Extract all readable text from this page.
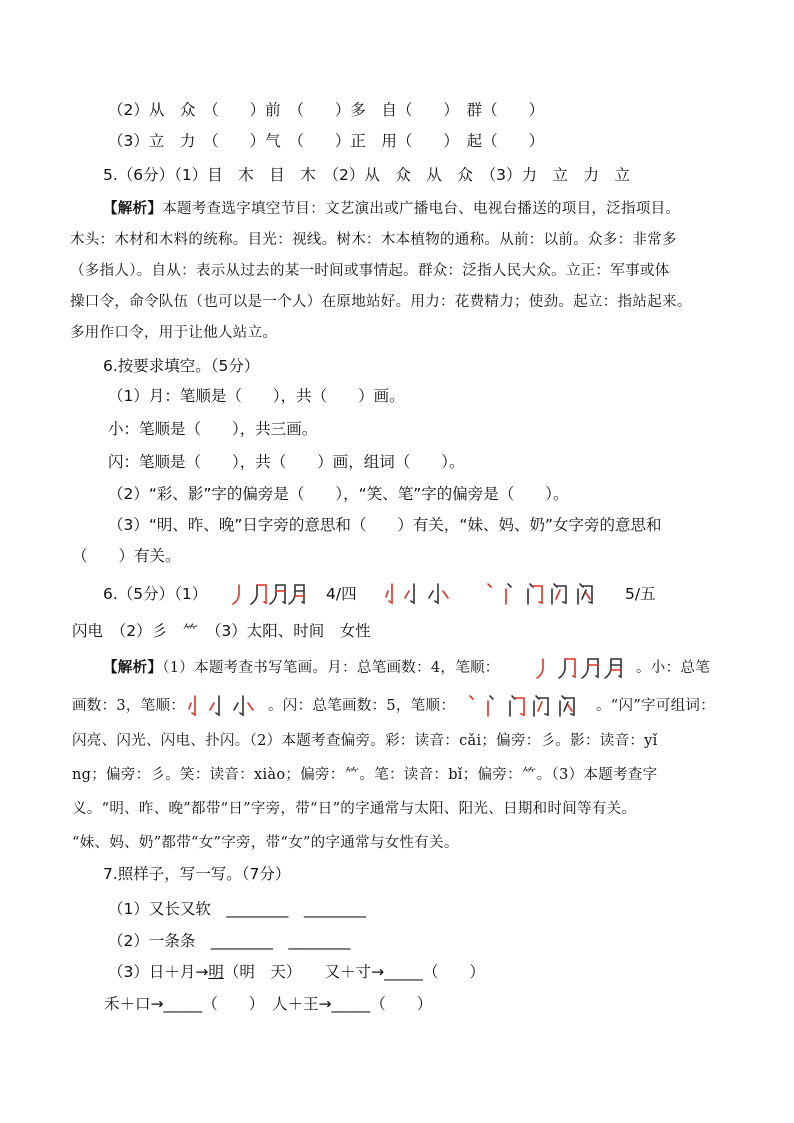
（2）从　众　（　　）前　（　　）多　自（　　）　群（　　）
（3）立　力　（　　）气　（　　）正　用（　　）　起（　　）
5.（6分）（1）目　木　目　木　（2）从　众　从　众　（3）力　立　力　立
【解析】本题考查选字填空节目：文艺演出或广播电台、电视台播送的项目，泛指项目。
木头：木材和木料的统称。目光：视线。树木：木本植物的通称。从前：以前。众多：非常多
（多指人）。自从：表示从过去的某一时间或事情起。群众：泛指人民大众。立正：军事或体
操口令，命令队伍（也可以是一个人）在原地站好。用力：花费精力；使劲。起立：指站起来。
多用作口令，用于让他人站立。
6.按要求填空。（5分）
（1）月：笔顺是（　　），共（　　）画。
小：笔顺是（　　），共三画。
闪：笔顺是（　　），共（　　）画，组词（　　）。
（2）“彩、影”字的偏旁是（　　），“笑、笔”字的偏旁是（　　）。
（3）“明、昨、晚”日字旁的意思和（　　）有关，“妹、妈、奶”女字旁的意思和
（　　）有关。
6.（5分）（1）	4/四	5/五
闪电　（2）彡　⺮　（3）太阳、时间　女性
【解析】（1）本题考查书写笔画。月：总笔画数：4，笔顺：	。小：总笔
画数：3，笔顺：	。闪：总笔画数：5，笔顺：	。“闪”字可组词：
闪亮、闪光、闪电、扑闪。（2）本题考查偏旁。彩：读音：cǎi；偏旁：彡。影：读音：yǐ
ng；偏旁：彡。笑：读音：xiào；偏旁：⺮。笔：读音：bǐ；偏旁：⺮。（3）本题考查字
义。“明、昨、晚”都带“日”字旁，带“日”的字通常与太阳、阳光、日期和时间等有关。
“妹、妈、奶”都带“女”字旁，带“女”的字通常与女性有关。
7.照样子，写一写。（7分）
（1）又长又软　________　________
（2）一条条　________　________
（3）日＋月→明（明　天）　　又＋寸→_____（　　）
禾＋口→_____（　　）　人＋王→_____（　　）
